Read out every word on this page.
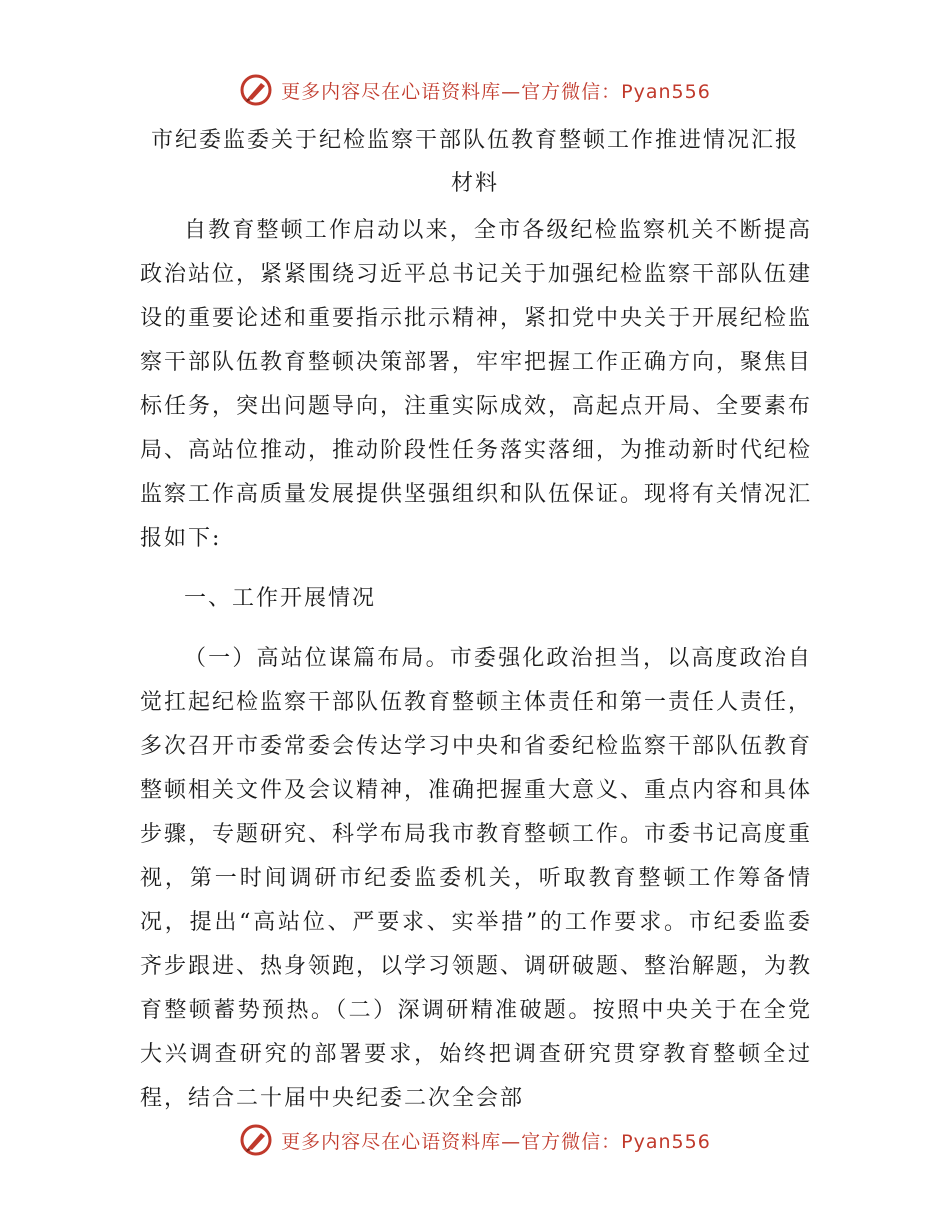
更多内容尽在心语资料库—官方微信：Pyan556
市纪委监委关于纪检监察干部队伍教育整顿工作推进情况汇报
材料

自教育整顿工作启动以来，全市各级纪检监察机关不断提高政治站位，紧紧围绕习近平总书记关于加强纪检监察干部队伍建设的重要论述和重要指示批示精神，紧扣党中央关于开展纪检监察干部队伍教育整顿决策部署，牢牢把握工作正确方向，聚焦目标任务，突出问题导向，注重实际成效，高起点开局、全要素布局、高站位推动，推动阶段性任务落实落细，为推动新时代纪检监察工作高质量发展提供坚强组织和队伍保证。现将有关情况汇报如下:

一、工作开展情况

（一）高站位谋篇布局。市委强化政治担当，以高度政治自觉扛起纪检监察干部队伍教育整顿主体责任和第一责任人责任，多次召开市委常委会传达学习中央和省委纪检监察干部队伍教育整顿相关文件及会议精神，准确把握重大意义、重点内容和具体步骤，专题研究、科学布局我市教育整顿工作。市委书记高度重视，第一时间调研市纪委监委机关，听取教育整顿工作筹备情况，提出“高站位、严要求、实举措”的工作要求。市纪委监委齐步跟进、热身领跑，以学习领题、调研破题、整治解题，为教育整顿蓄势预热。（二）深调研精准破题。按照中央关于在全党大兴调查研究的部署要求，始终把调查研究贯穿教育整顿全过程，结合二十届中央纪委二次全会部

更多内容尽在心语资料库—官方微信：Pyan556
